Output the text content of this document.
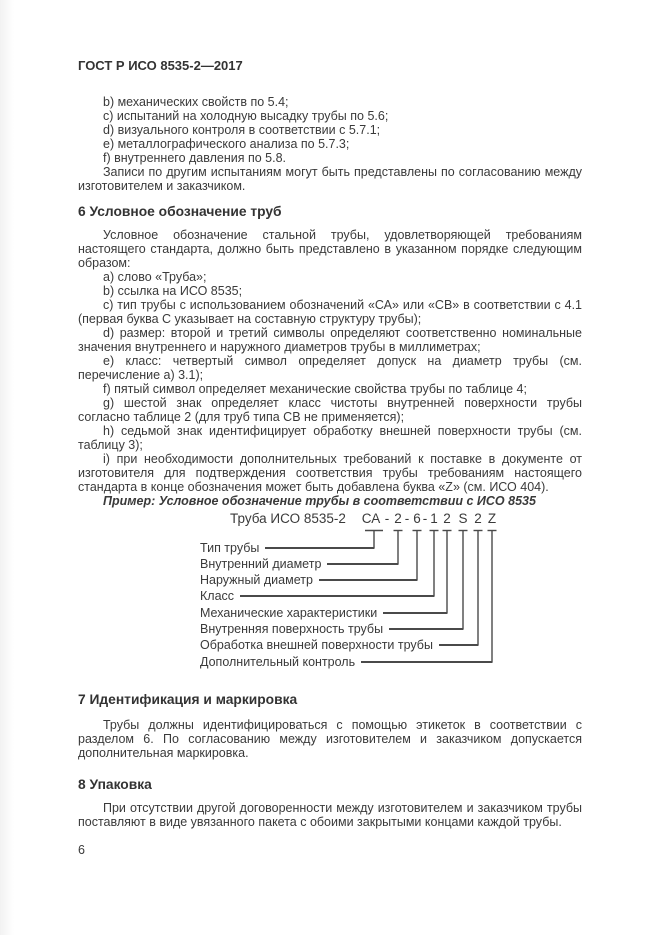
ГОСТ Р ИСО 8535-2—2017

b) механических свойств по 5.4;

c) испытаний на холодную высадку трубы по 5.6;

d) визуального контроля в соответствии с 5.7.1;

e) металлографического анализа по 5.7.3;

f) внутреннего давления по 5.8.

Записи по другим испытаниям могут быть представлены по согласованию между изготовителем и заказчиком.

6 Условное обозначение труб

Условное обозначение стальной трубы, удовлетворяющей требованиям настоящего стандарта, должно быть представлено в указанном порядке следующим образом:

a) слово «Труба»;

b) ссылка на ИСО 8535;

c) тип трубы с использованием обозначений «СА» или «СВ» в соответствии с 4.1 (первая буква С указывает на составную структуру трубы);

d) размер: второй и третий символы определяют соответственно номинальные значения внутреннего и наружного диаметров трубы в миллиметрах;

e) класс: четвертый символ определяет допуск на диаметр трубы (см. перечисление а) 3.1);

f) пятый символ определяет механические свойства трубы по таблице 4;

g) шестой знак определяет класс чистоты внутренней поверхности трубы согласно таблице 2 (для труб типа СВ не применяется);

h) седьмой знак идентифицирует обработку внешней поверхности трубы (см. таблицу 3);

i) при необходимости дополнительных требований к поставке в документе от изготовителя для подтверждения соответствия трубы требованиям настоящего стандарта в конце обозначения может быть добавлена буква «Z» (см. ИСО 404).

Пример: Условное обозначение трубы в соответствии с ИСО 8535

Труба ИСО 8535-2 СА - 2 - 6 - 1 2 S 2 Z
Тип трубы
Внутренний диаметр
Наружный диаметр
Класс
Механические характеристики
Внутренняя поверхность трубы
Обработка внешней поверхности трубы
Дополнительный контроль
7 Идентификация и маркировка

Трубы должны идентифицироваться с помощью этикеток в соответствии с разделом 6. По согласованию между изготовителем и заказчиком допускается дополнительная маркировка.

8 Упаковка

При отсутствии другой договоренности между изготовителем и заказчиком трубы поставляют в виде увязанного пакета с обоими закрытыми концами каждой трубы.

6
